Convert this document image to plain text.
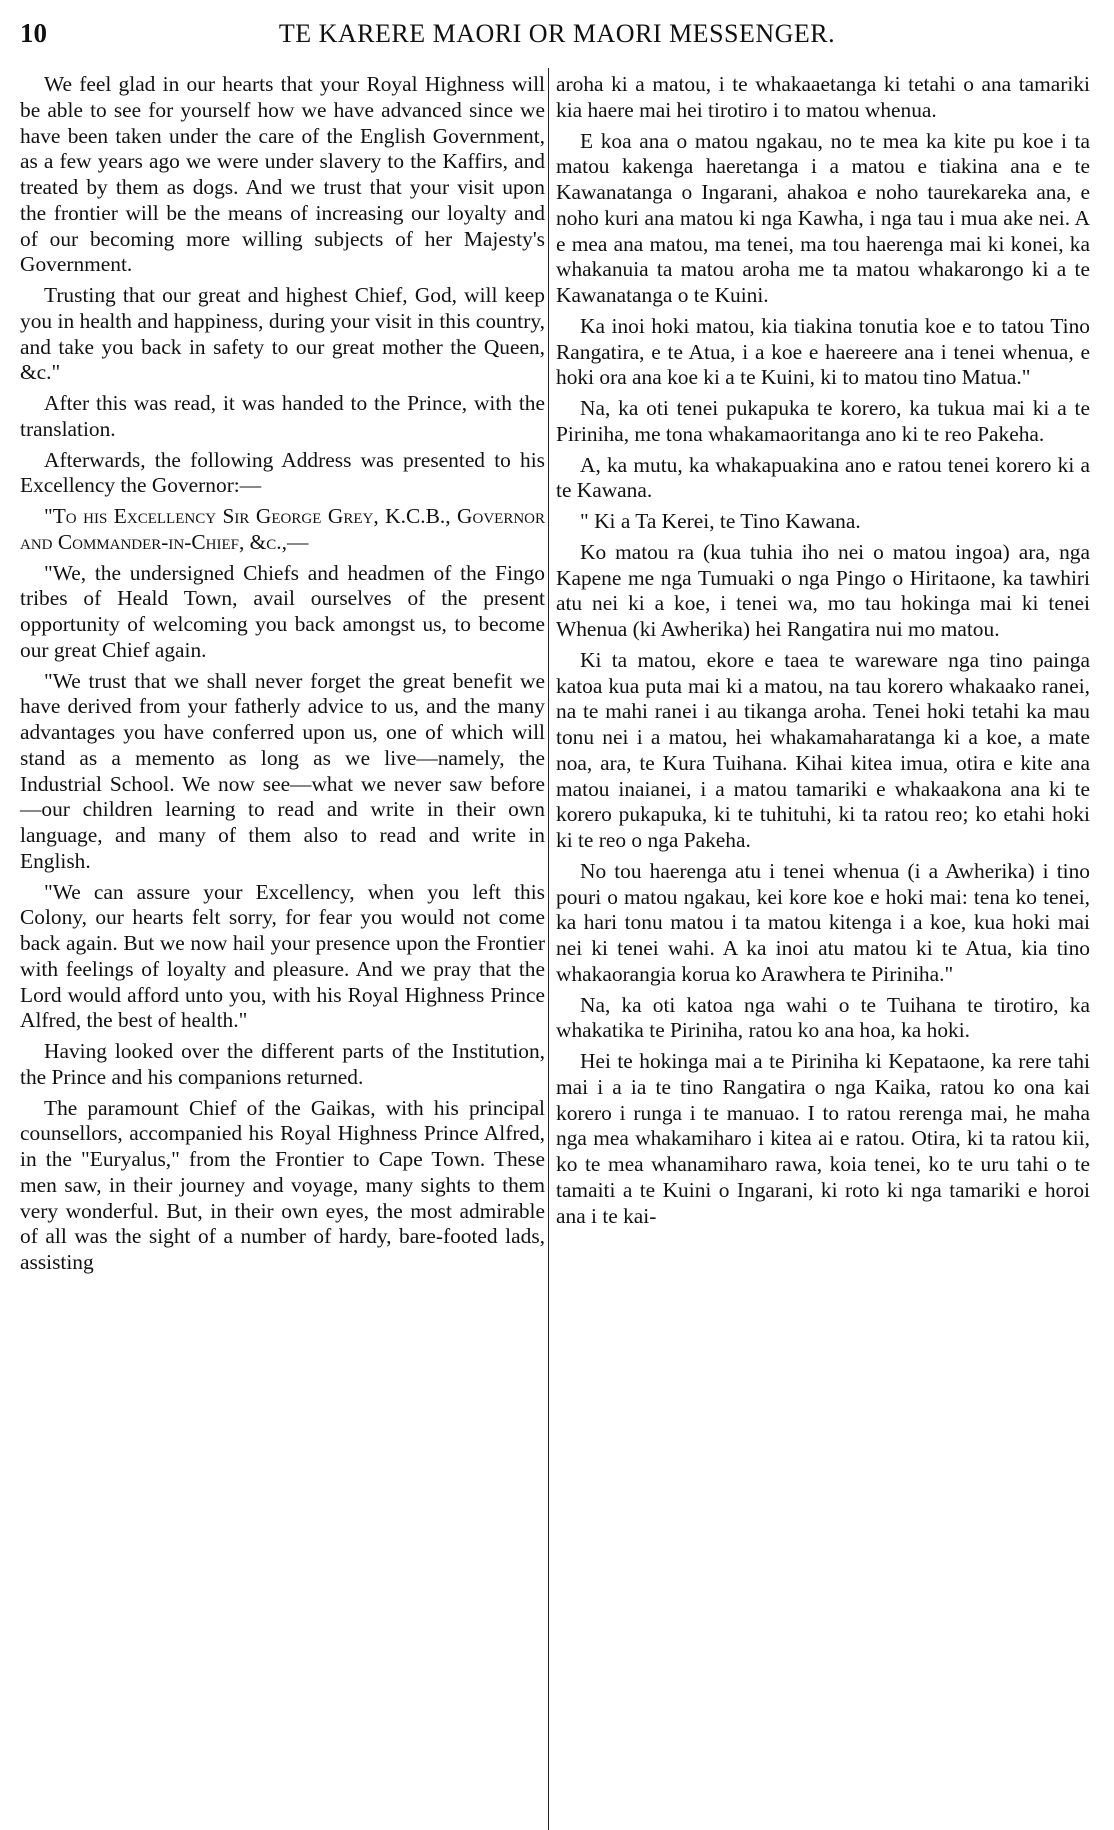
10	TE KARERE MAORI OR MAORI MESSENGER.

We feel glad in our hearts that your Royal Highness will be able to see for yourself how we have advanced since we have been taken under the care of the English Government, as a few years ago we were under slavery to the Kaffirs, and treated by them as dogs. And we trust that your visit upon the frontier will be the means of increasing our loyalty and of our becoming more willing subjects of her Majesty's Government.

Trusting that our great and highest Chief, God, will keep you in health and happiness, during your visit in this country, and take you back in safety to our great mother the Queen, &c."

After this was read, it was handed to the Prince, with the translation.

Afterwards, the following Address was presented to his Excellency the Governor:—

"To his Excellency Sir George Grey, K.C.B., Governor and Commander-in-Chief, &c.,—

"We, the undersigned Chiefs and headmen of the Fingo tribes of Heald Town, avail ourselves of the present opportunity of welcoming you back amongst us, to become our great Chief again.

"We trust that we shall never forget the great benefit we have derived from your fatherly advice to us, and the many advantages you have conferred upon us, one of which will stand as a memento as long as we live—namely, the Industrial School. We now see—what we never saw before—our children learning to read and write in their own language, and many of them also to read and write in English.

"We can assure your Excellency, when you left this Colony, our hearts felt sorry, for fear you would not come back again. But we now hail your presence upon the Frontier with feelings of loyalty and pleasure. And we pray that the Lord would afford unto you, with his Royal Highness Prince Alfred, the best of health."

Having looked over the different parts of the Institution, the Prince and his companions returned.

The paramount Chief of the Gaikas, with his principal counsellors, accompanied his Royal Highness Prince Alfred, in the "Euryalus," from the Frontier to Cape Town. These men saw, in their journey and voyage, many sights to them very wonderful. But, in their own eyes, the most admirable of all was the sight of a number of hardy, bare-footed lads, assisting

aroha ki a matou, i te whakaaetanga ki tetahi o ana tamariki kia haere mai hei tirotiro i to matou whenua.

E koa ana o matou ngakau, no te mea ka kite pu koe i ta matou kakenga haeretanga i a matou e tiakina ana e te Kawanatanga o Ingarani, ahakoa e noho taurekareka ana, e noho kuri ana matou ki nga Kawha, i nga tau i mua ake nei. A e mea ana matou, ma tenei, ma tou haerenga mai ki konei, ka whakanuia ta matou aroha me ta matou whakarongo ki a te Kawanatanga o te Kuini.

Ka inoi hoki matou, kia tiakina tonutia koe e to tatou Tino Rangatira, e te Atua, i a koe e haereere ana i tenei whenua, e hoki ora ana koe ki a te Kuini, ki to matou tino Matua."

Na, ka oti tenei pukapuka te korero, ka tukua mai ki a te Piriniha, me tona whakamaoritanga ano ki te reo Pakeha.

A, ka mutu, ka whakapuakina ano e ratou tenei korero ki a te Kawana.

" Ki a Ta Kerei, te Tino Kawana.

Ko matou ra (kua tuhia iho nei o matou ingoa) ara, nga Kapene me nga Tumuaki o nga Pingo o Hiritaone, ka tawhiri atu nei ki a koe, i tenei wa, mo tau hokinga mai ki tenei Whenua (ki Awherika) hei Rangatira nui mo matou.

Ki ta matou, ekore e taea te wareware nga tino painga katoa kua puta mai ki a matou, na tau korero whakaako ranei, na te mahi ranei i au tikanga aroha. Tenei hoki tetahi ka mau tonu nei i a matou, hei whakamaharatanga ki a koe, a mate noa, ara, te Kura Tuihana. Kihai kitea imua, otira e kite ana matou inaianei, i a matou tamariki e whakaakona ana ki te korero pukapuka, ki te tuhituhi, ki ta ratou reo; ko etahi hoki ki te reo o nga Pakeha.

No tou haerenga atu i tenei whenua (i a Awherika) i tino pouri o matou ngakau, kei kore koe e hoki mai: tena ko tenei, ka hari tonu matou i ta matou kitenga i a koe, kua hoki mai nei ki tenei wahi. A ka inoi atu matou ki te Atua, kia tino whakaorangia korua ko Arawhera te Piriniha."

Na, ka oti katoa nga wahi o te Tuihana te tirotiro, ka whakatika te Piriniha, ratou ko ana hoa, ka hoki.

Hei te hokinga mai a te Piriniha ki Kepataone, ka rere tahi mai i a ia te tino Rangatira o nga Kaika, ratou ko ona kai korero i runga i te manuao. I to ratou rerenga mai, he maha nga mea whakamiharo i kitea ai e ratou. Otira, ki ta ratou kii, ko te mea whanamiharo rawa, koia tenei, ko te uru tahi o te tamaiti a te Kuini o Ingarani, ki roto ki nga tamariki e horoi ana i te kai-
